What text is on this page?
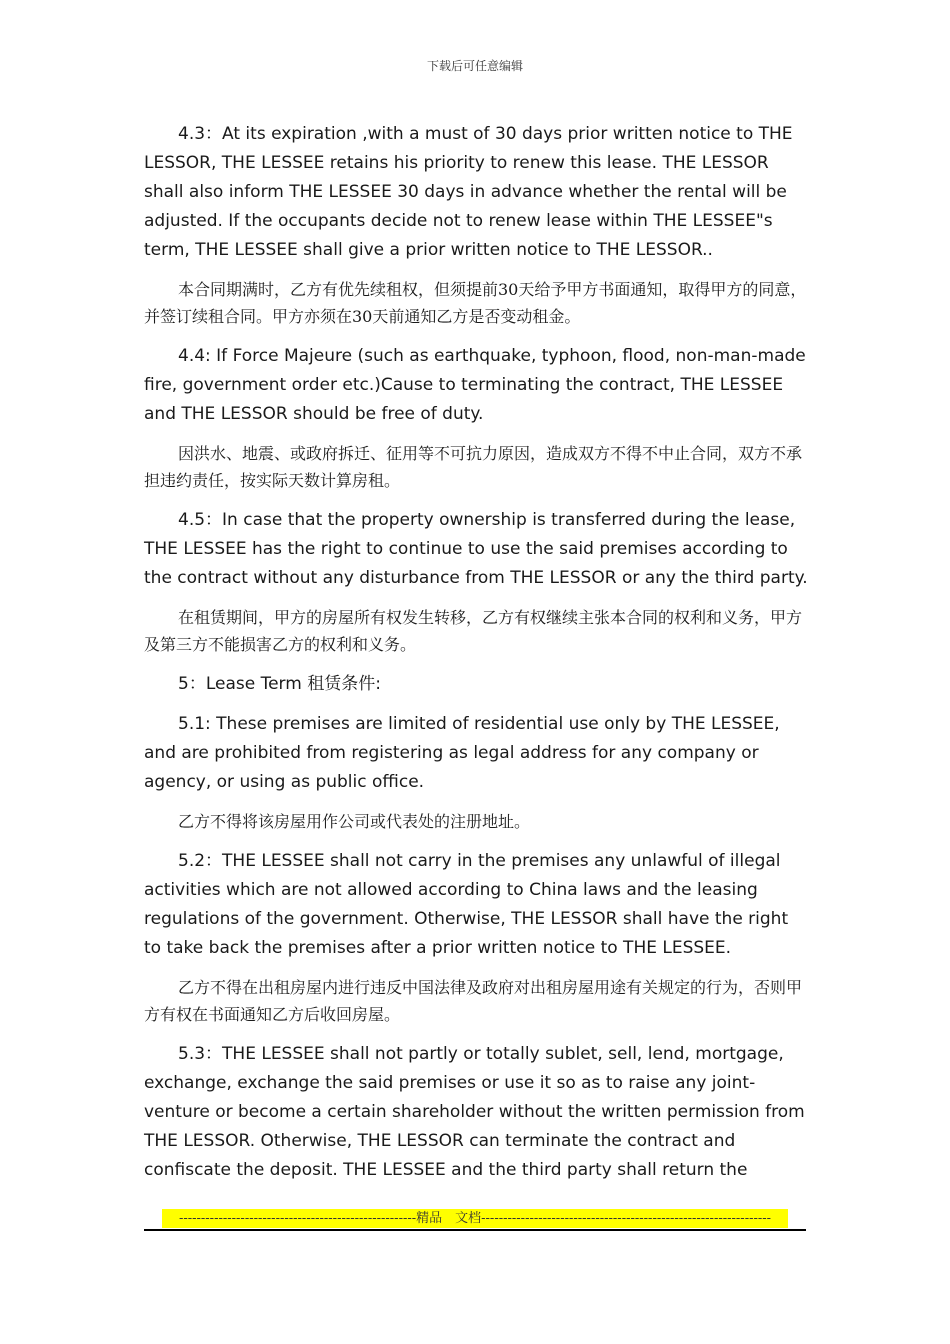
下载后可任意编辑

4.3：At its expiration ,with a must of 30 days prior written notice to THE LESSOR, THE LESSEE retains his priority to renew this lease. THE LESSOR shall also inform THE LESSEE 30 days in advance whether the rental will be adjusted. If the occupants decide not to renew lease within THE LESSEE"s term, THE LESSEE shall give a prior written notice to THE LESSOR..

本合同期满时，乙方有优先续租权，但须提前30天给予甲方书面通知，取得甲方的同意，并签订续租合同。甲方亦须在30天前通知乙方是否变动租金。

4.4: If Force Majeure (such as earthquake, typhoon, flood, non-man-made fire, government order etc.)Cause to terminating the contract, THE LESSEE and THE LESSOR should be free of duty.

因洪水、地震、或政府拆迁、征用等不可抗力原因，造成双方不得不中止合同，双方不承担违约责任，按实际天数计算房租。

4.5：In case that the property ownership is transferred during the lease, THE LESSEE has the right to continue to use the said premises according to the contract without any disturbance from THE LESSOR or any the third party.

在租赁期间，甲方的房屋所有权发生转移，乙方有权继续主张本合同的权利和义务，甲方及第三方不能损害乙方的权利和义务。

5：Lease Term 租赁条件:

5.1: These premises are limited of residential use only by THE LESSEE, and are prohibited from registering as legal address for any company or agency, or using as public office.

乙方不得将该房屋用作公司或代表处的注册地址。

5.2：THE LESSEE shall not carry in the premises any unlawful of illegal activities which are not allowed according to China laws and the leasing regulations of the government. Otherwise, THE LESSOR shall have the right to take back the premises after a prior written notice to THE LESSEE.

乙方不得在出租房屋内进行违反中国法律及政府对出租房屋用途有关规定的行为，否则甲方有权在书面通知乙方后收回房屋。

5.3：THE LESSEE shall not partly or totally sublet, sell, lend, mortgage, exchange, exchange the said premises or use it so as to raise any joint-venture or become a certain shareholder without the written permission from THE LESSOR. Otherwise, THE LESSOR can terminate the contract and confiscate the deposit. THE LESSEE and the third party shall return the

------------------------------------------------------精品　文档------------------------------------------------------------------
